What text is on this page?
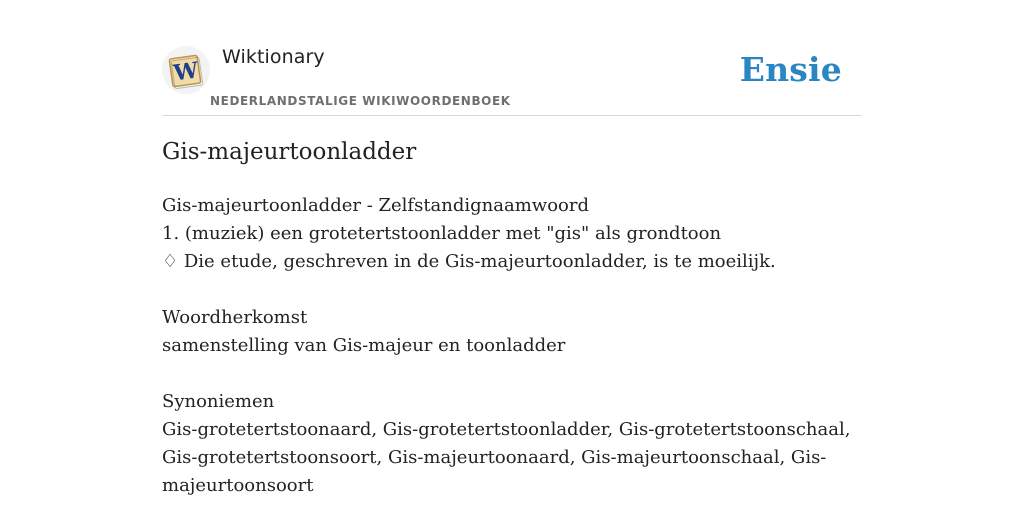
W
Wiktionary
NEDERLANDSTALIGE WIKIWOORDENBOEK
Ensie
Gis-majeurtoonladder

Gis-majeurtoonladder - Zelfstandignaamwoord

1. (muziek) een grotetertstoonladder met "gis" als grondtoon

♢ Die etude, geschreven in de Gis-majeurtoonladder, is te moeilijk.

Woordherkomst

samenstelling van Gis-majeur en toonladder

Synoniemen

Gis-grotetertstoonaard, Gis-grotetertstoonladder, Gis-grotetertstoonschaal, Gis-grotetertstoonsoort, Gis-majeurtoonaard, Gis-majeurtoonschaal, Gis-majeurtoonsoort
